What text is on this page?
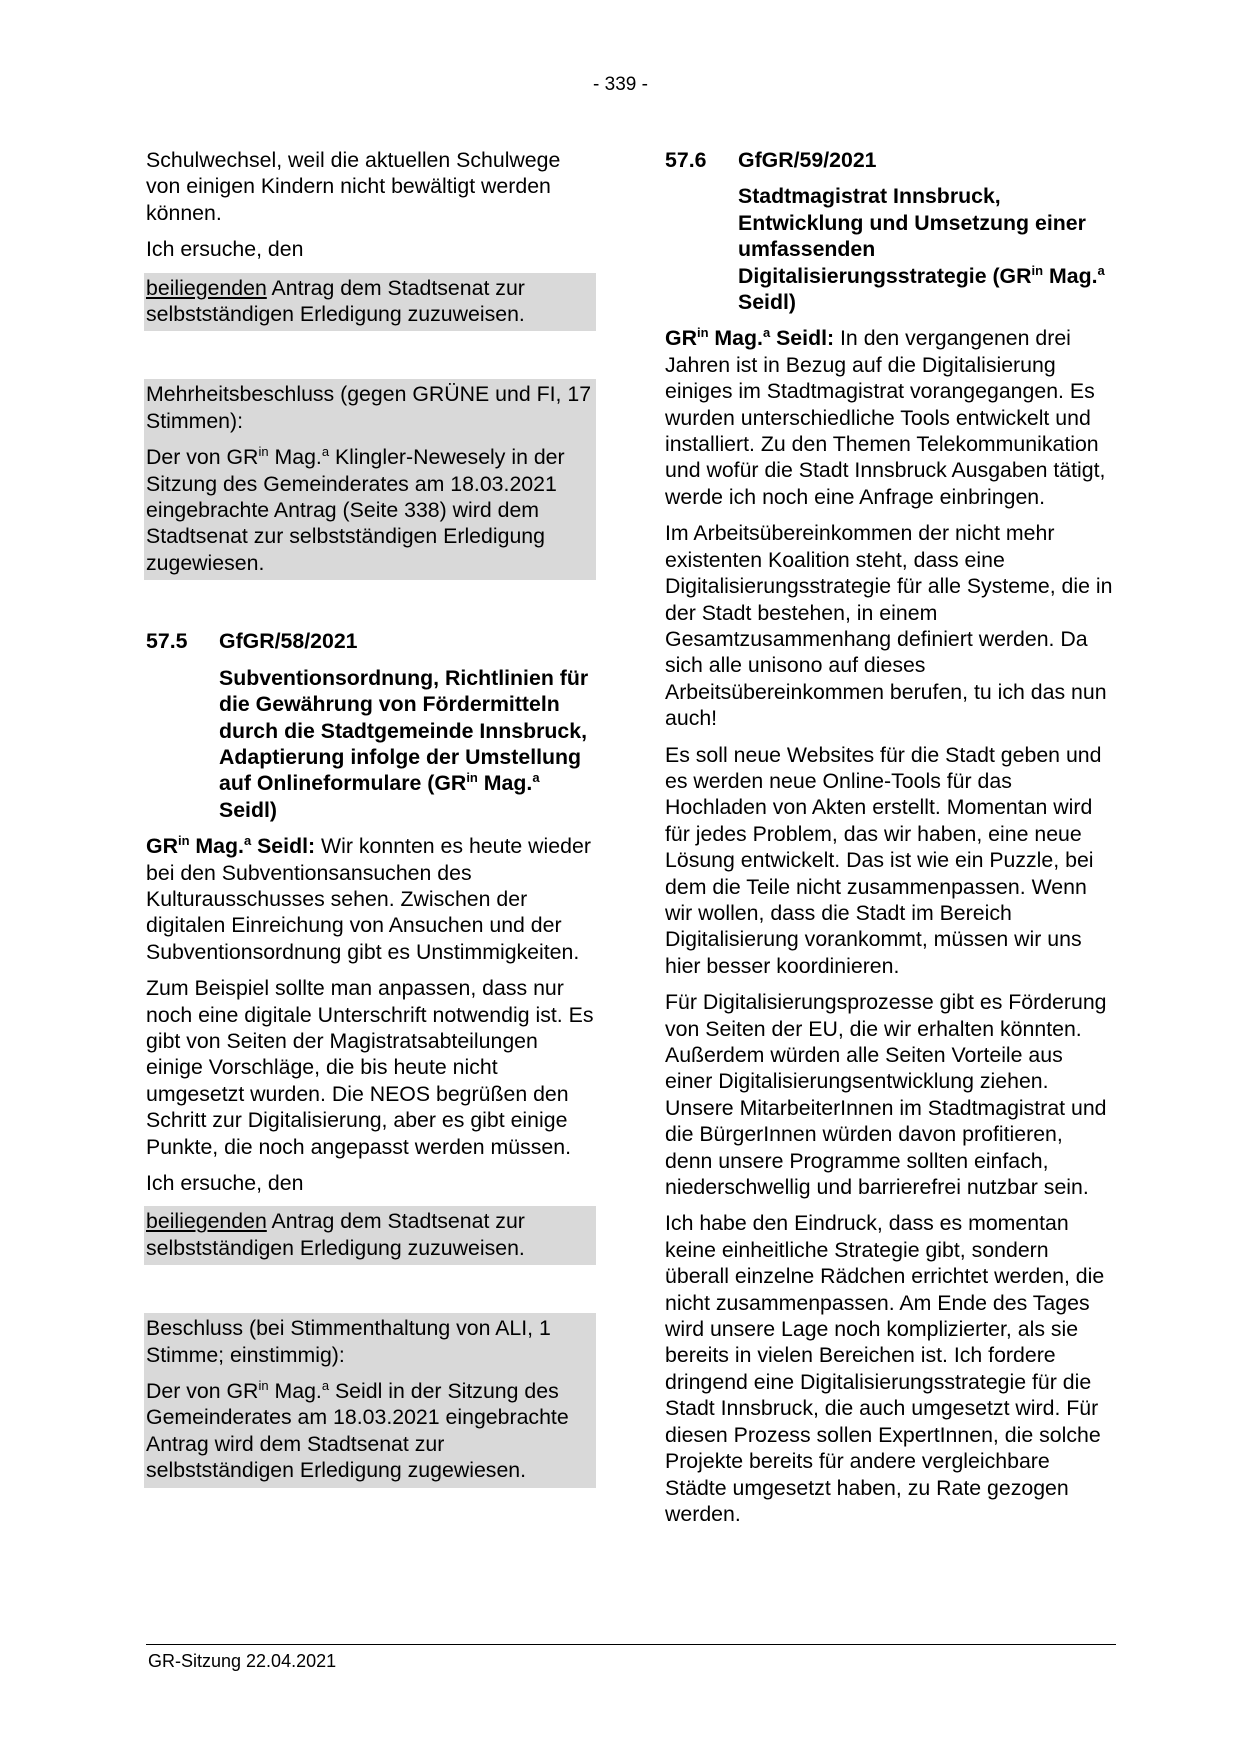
- 339 -

Schulwechsel, weil die aktuellen Schulwege von einigen Kindern nicht bewältigt werden können.

Ich ersuche, den

beiliegenden Antrag dem Stadtsenat zur
selbstständigen Erledigung zuzuweisen.

Mehrheitsbeschluss (gegen GRÜNE und FI, 17 Stimmen):

Der von $GR^{in}$ Mag.$^a$ Klingler-Newesely in der Sitzung des Gemeinderates am 18.03.2021 eingebrachte Antrag (Seite 338) wird dem Stadtsenat zur selbstständigen Erledigung zugewiesen.

57.5	GfGR/58/2021
Subventionsordnung, Richtlinien für die Gewährung von Fördermitteln durch die Stadtgemeinde Innsbruck, Adaptierung infolge der Umstellung auf Onlineformulare ($GR^{in}$ Mag.$^a$ Seidl)

$GR^{in}$ Mag.$^a$ Seidl: Wir konnten es heute wieder bei den Subventionsansuchen des Kulturausschusses sehen. Zwischen der digitalen Einreichung von Ansuchen und der Subventionsordnung gibt es Unstimmigkeiten.

Zum Beispiel sollte man anpassen, dass nur noch eine digitale Unterschrift notwendig ist. Es gibt von Seiten der Magistratsabteilungen einige Vorschläge, die bis heute nicht umgesetzt wurden. Die NEOS begrüßen den Schritt zur Digitalisierung, aber es gibt einige Punkte, die noch angepasst werden müssen.

Ich ersuche, den

beiliegenden Antrag dem Stadtsenat zur
selbstständigen Erledigung zuzuweisen.

Beschluss (bei Stimmenthaltung von ALI, 1 Stimme; einstimmig):

Der von $GR^{in}$ Mag.$^a$ Seidl in der Sitzung des Gemeinderates am 18.03.2021 eingebrachte Antrag wird dem Stadtsenat zur selbstständigen Erledigung zugewiesen.

57.6	GfGR/59/2021
Stadtmagistrat Innsbruck, Entwicklung und Umsetzung einer umfassenden Digitalisierungsstrategie ($GR^{in}$ Mag.$^a$ Seidl)

$GR^{in}$ Mag.$^a$ Seidl: In den vergangenen drei Jahren ist in Bezug auf die Digitalisierung einiges im Stadtmagistrat vorangegangen. Es wurden unterschiedliche Tools entwickelt und installiert. Zu den Themen Telekommunikation und wofür die Stadt Innsbruck Ausgaben tätigt, werde ich noch eine Anfrage einbringen.

Im Arbeitsübereinkommen der nicht mehr existenten Koalition steht, dass eine Digitalisierungsstrategie für alle Systeme, die in der Stadt bestehen, in einem Gesamtzusammenhang definiert werden. Da sich alle unisono auf dieses Arbeitsübereinkommen berufen, tu ich das nun auch!

Es soll neue Websites für die Stadt geben und es werden neue Online-Tools für das Hochladen von Akten erstellt. Momentan wird für jedes Problem, das wir haben, eine neue Lösung entwickelt. Das ist wie ein Puzzle, bei dem die Teile nicht zusammenpassen. Wenn wir wollen, dass die Stadt im Bereich Digitalisierung vorankommt, müssen wir uns hier besser koordinieren.

Für Digitalisierungsprozesse gibt es Förderung von Seiten der EU, die wir erhalten könnten. Außerdem würden alle Seiten Vorteile aus einer Digitalisierungsentwicklung ziehen. Unsere MitarbeiterInnen im Stadtmagistrat und die BürgerInnen würden davon profitieren, denn unsere Programme sollten einfach, niederschwellig und barrierefrei nutzbar sein.

Ich habe den Eindruck, dass es momentan keine einheitliche Strategie gibt, sondern überall einzelne Rädchen errichtet werden, die nicht zusammenpassen. Am Ende des Tages wird unsere Lage noch komplizierter, als sie bereits in vielen Bereichen ist. Ich fordere dringend eine Digitalisierungsstrategie für die Stadt Innsbruck, die auch umgesetzt wird. Für diesen Prozess sollen ExpertInnen, die solche Projekte bereits für andere vergleichbare Städte umgesetzt haben, zu Rate gezogen werden.

GR-Sitzung 22.04.2021
